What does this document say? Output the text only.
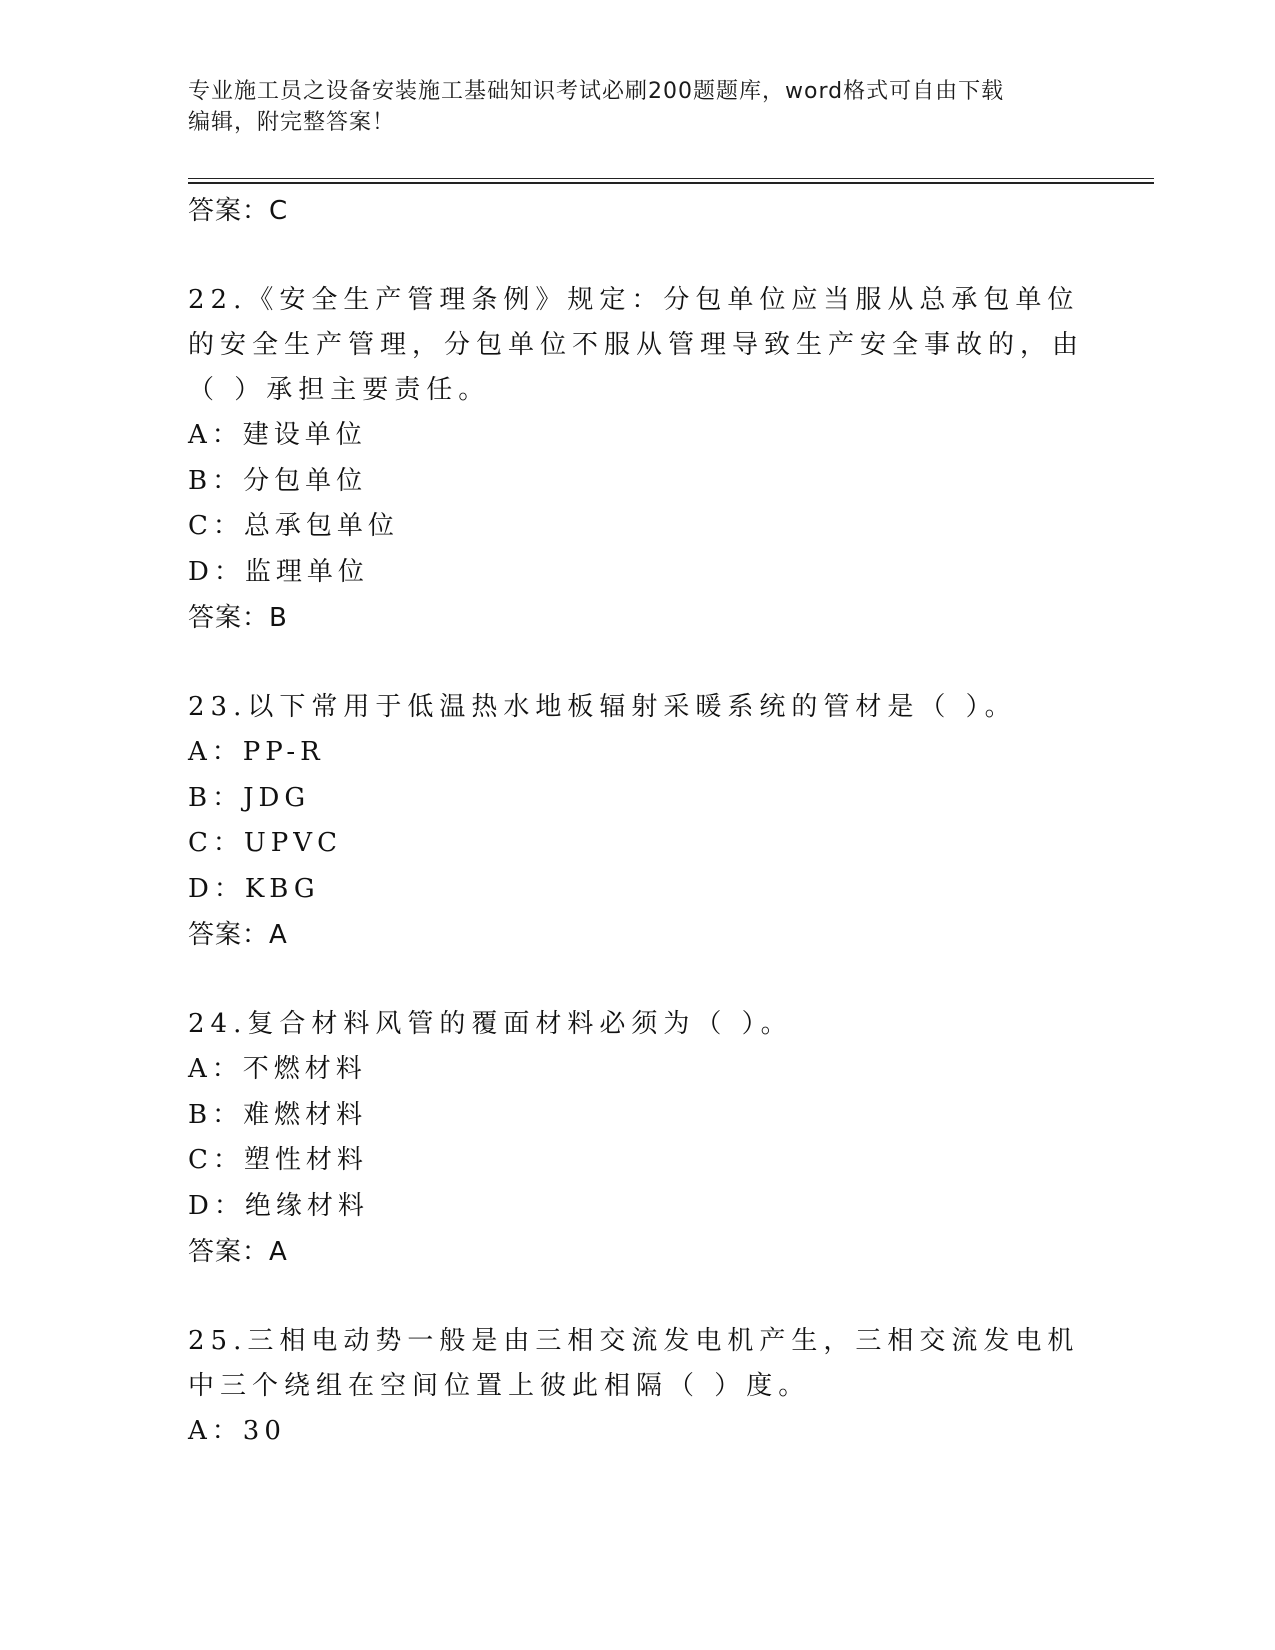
专业施工员之设备安装施工基础知识考试必刷200题题库，word格式可自由下载
编辑，附完整答案！

答案：C

22.《安全生产管理条例》规定：分包单位应当服从总承包单位的安全生产管理，分包单位不服从管理导致生产安全事故的，由（ ）承担主要责任。

A：建设单位

B：分包单位

C：总承包单位

D：监理单位

答案：B

23.以下常用于低温热水地板辐射采暖系统的管材是（ ）。

A：PP-R

B：JDG

C：UPVC

D：KBG

答案：A

24.复合材料风管的覆面材料必须为（ ）。

A：不燃材料

B：难燃材料

C：塑性材料

D：绝缘材料

答案：A

25.三相电动势一般是由三相交流发电机产生，三相交流发电机中三个绕组在空间位置上彼此相隔（ ）度。

A：30
